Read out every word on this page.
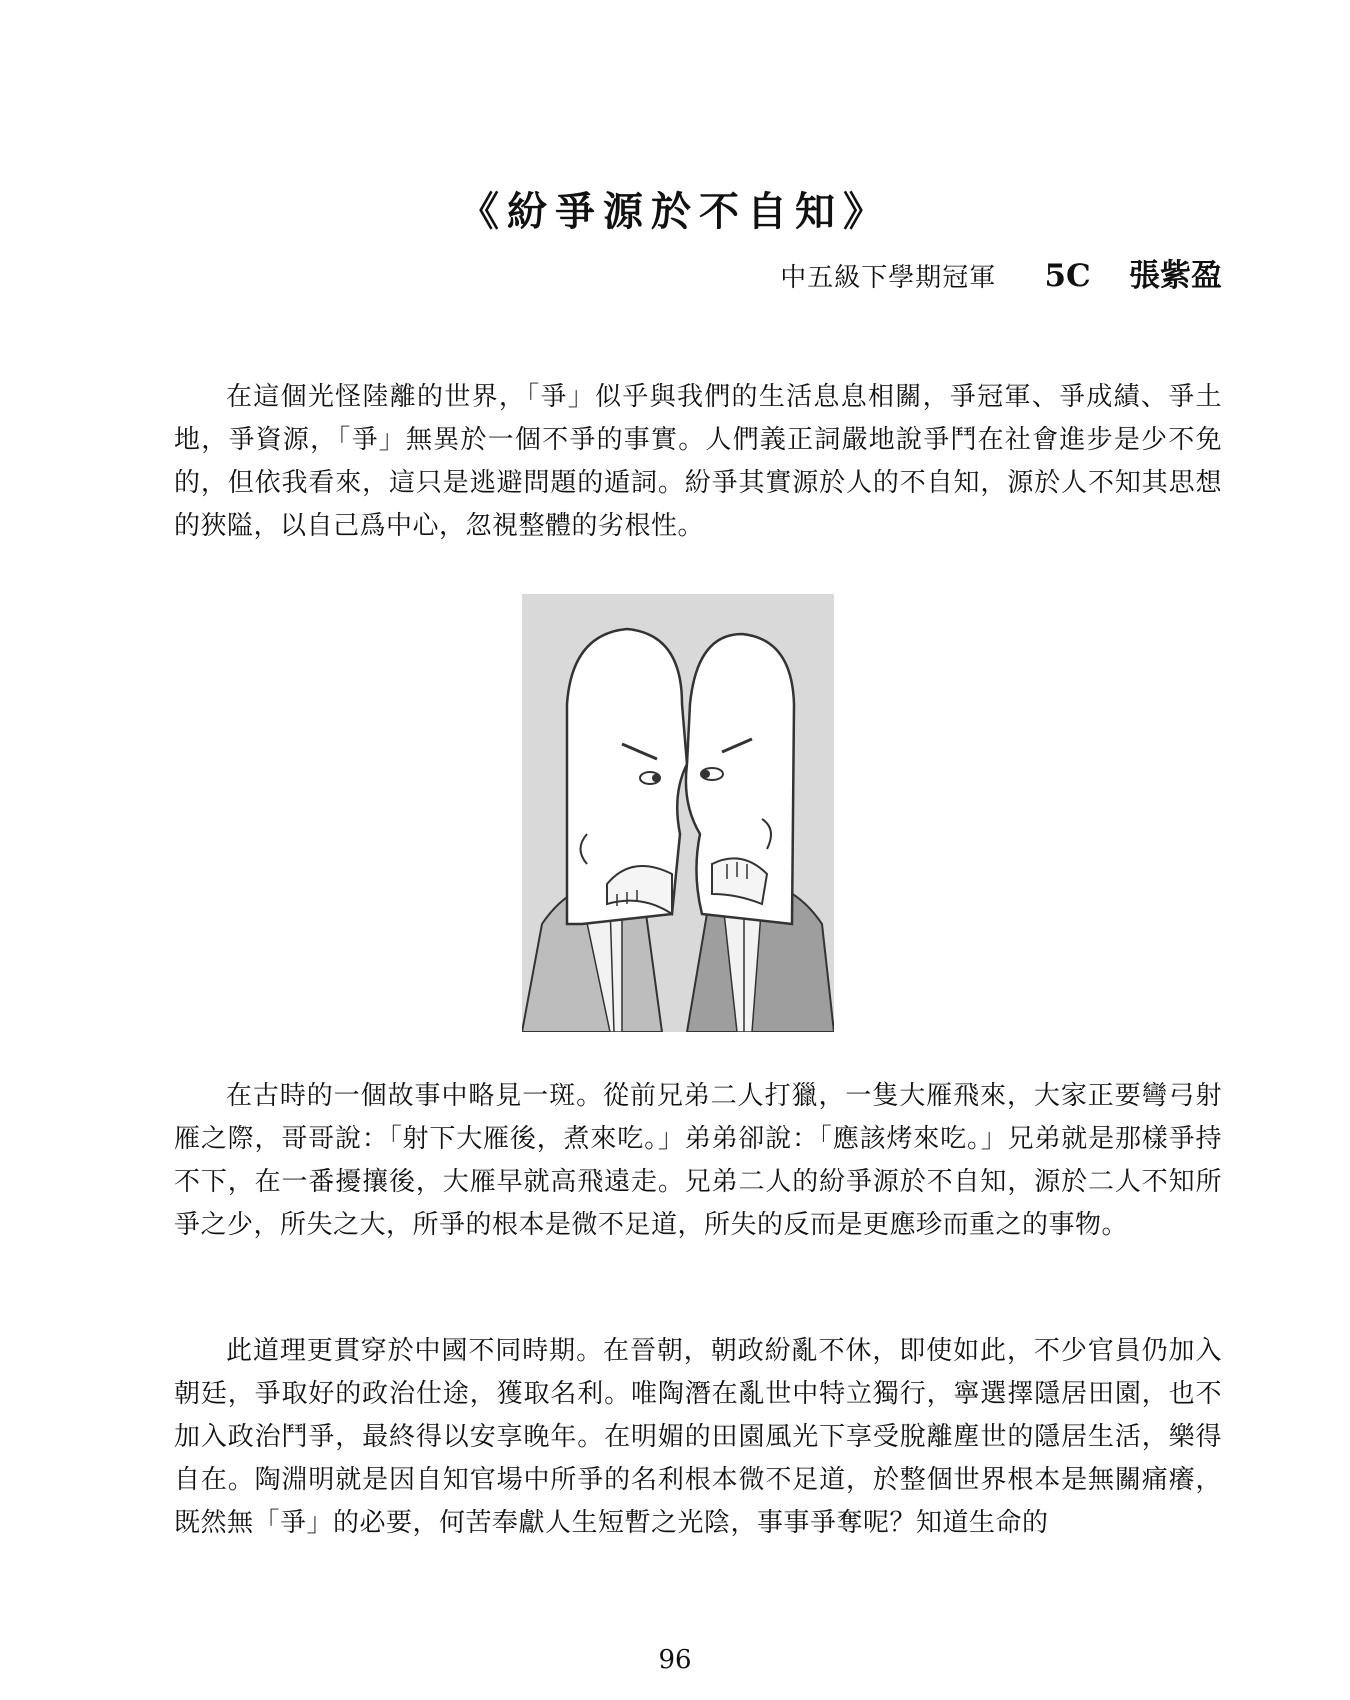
《紛爭源於不自知》
中五級下學期冠軍 5C 張紫盈

在這個光怪陸離的世界，「爭」似乎與我們的生活息息相關，爭冠軍、爭成績、爭土地，爭資源，「爭」無異於一個不爭的事實。人們義正詞嚴地說爭鬥在社會進步是少不免的，但依我看來，這只是逃避問題的遁詞。紛爭其實源於人的不自知，源於人不知其思想的狹隘，以自己爲中心，忽視整體的劣根性。

在古時的一個故事中略見一斑。從前兄弟二人打獵，一隻大雁飛來，大家正要彎弓射雁之際，哥哥說：「射下大雁後，煮來吃。」弟弟卻說：「應該烤來吃。」兄弟就是那樣爭持不下，在一番擾攘後，大雁早就高飛遠走。兄弟二人的紛爭源於不自知，源於二人不知所爭之少，所失之大，所爭的根本是微不足道，所失的反而是更應珍而重之的事物。

此道理更貫穿於中國不同時期。在晉朝，朝政紛亂不休，即使如此，不少官員仍加入朝廷，爭取好的政治仕途，獲取名利。唯陶潛在亂世中特立獨行，寧選擇隱居田園，也不加入政治鬥爭，最終得以安享晚年。在明媚的田園風光下享受脫離塵世的隱居生活，樂得自在。陶淵明就是因自知官場中所爭的名利根本微不足道，於整個世界根本是無關痛癢，既然無「爭」的必要，何苦奉獻人生短暫之光陰，事事爭奪呢？知道生命的

96
